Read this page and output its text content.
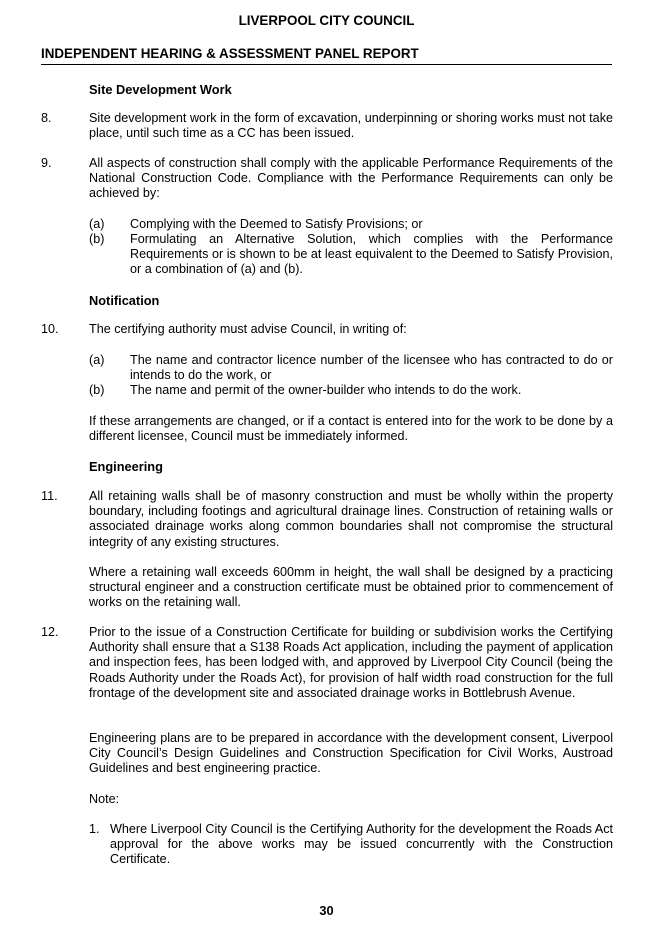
LIVERPOOL CITY COUNCIL
INDEPENDENT HEARING & ASSESSMENT PANEL REPORT
Site Development Work
8.	Site development work in the form of excavation, underpinning or shoring works must not take place, until such time as a CC has been issued.
9.	All aspects of construction shall comply with the applicable Performance Requirements of the National Construction Code. Compliance with the Performance Requirements can only be achieved by:
(a) Complying with the Deemed to Satisfy Provisions; or
(b) Formulating an Alternative Solution, which complies with the Performance Requirements or is shown to be at least equivalent to the Deemed to Satisfy Provision, or a combination of (a) and (b).
Notification
10. The certifying authority must advise Council, in writing of:
(a) The name and contractor licence number of the licensee who has contracted to do or intends to do the work, or
(b) The name and permit of the owner-builder who intends to do the work.
If these arrangements are changed, or if a contact is entered into for the work to be done by a different licensee, Council must be immediately informed.
Engineering
11. All retaining walls shall be of masonry construction and must be wholly within the property boundary, including footings and agricultural drainage lines. Construction of retaining walls or associated drainage works along common boundaries shall not compromise the structural integrity of any existing structures.
Where a retaining wall exceeds 600mm in height, the wall shall be designed by a practicing structural engineer and a construction certificate must be obtained prior to commencement of works on the retaining wall.
12. Prior to the issue of a Construction Certificate for building or subdivision works the Certifying Authority shall ensure that a S138 Roads Act application, including the payment of application and inspection fees, has been lodged with, and approved by Liverpool City Council (being the Roads Authority under the Roads Act), for provision of half width road construction for the full frontage of the development site and associated drainage works in Bottlebrush Avenue.
Engineering plans are to be prepared in accordance with the development consent, Liverpool City Council’s Design Guidelines and Construction Specification for Civil Works, Austroad Guidelines and best engineering practice.
Note:
1. Where Liverpool City Council is the Certifying Authority for the development the Roads Act approval for the above works may be issued concurrently with the Construction Certificate.
30
